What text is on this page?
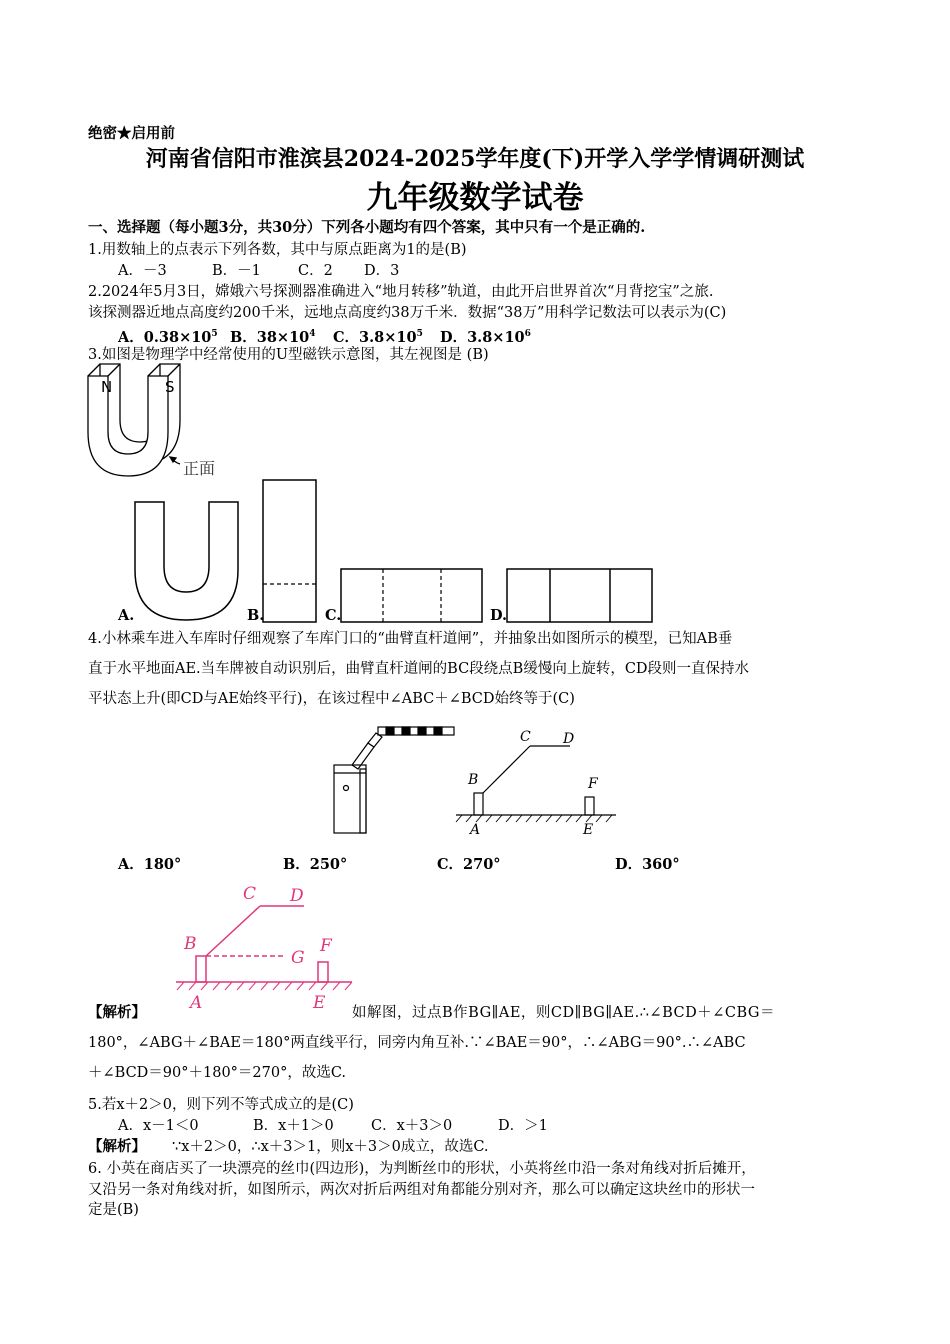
绝密★启用前
河南省信阳市淮滨县2024-2025学年度(下)开学入学学情调研测试
九年级数学试卷
一、选择题（每小题3分，共30分）下列各小题均有四个答案，其中只有一个是正确的.
1.用数轴上的点表示下列各数，其中与原点距离为1的是(B)
A．－3	B．－1	C．2 D．3
2.2024年5月3日，嫦娥六号探测器准确进入“地月转移”轨道，由此开启世界首次“月背挖宝”之旅.
该探测器近地点高度约200千米，远地点高度约38万千米．数据“38万”用科学记数法可以表示为(C)
A．$0.38\times 10^5$ B．$38\times 10^4$ C．$3.8\times 10^5$ D．$3.8\times 10^6$
3.如图是物理学中经常使用的U型磁铁示意图，其左视图是 (B)
N	S
正面
A.	B.	C.	D.
4.小林乘车进入车库时仔细观察了车库门口的“曲臂直杆道闸”，并抽象出如图所示的模型，已知AB垂
直于水平地面AE.当车牌被自动识别后，曲臂直杆道闸的BC段绕点B缓慢向上旋转，CD段则一直保持水
平状态上升(即CD与AE始终平行)，在该过程中∠ABC＋∠BCD始终等于(C)
B
C D
F
A	E
A．180°	B．250°	C．270°	D．360°
B
C D
G
F
A	E
【解析】	如解图，过点B作BG∥AE，则CD∥BG∥AE.∴∠BCD＋∠CBG＝
180°，∠ABG＋∠BAE＝180°两直线平行，同旁内角互补.∵∠BAE＝90°，∴∠ABG＝90°.∴∠ABC
＋∠BCD＝90°＋180°＝270°，故选C.
5.若x＋2＞0，则下列不等式成立的是(C)
A．x－1＜0	B．x＋1＞0	C．x＋3＞0	D．＞1
【解析】 ∵x＋2＞0，∴x＋3＞1，则x＋3＞0成立，故选C.
6. 小英在商店买了一块漂亮的丝巾(四边形)，为判断丝巾的形状，小英将丝巾沿一条对角线对折后摊开，
又沿另一条对角线对折，如图所示，两次对折后两组对角都能分别对齐，那么可以确定这块丝巾的形状一
定是(B)
